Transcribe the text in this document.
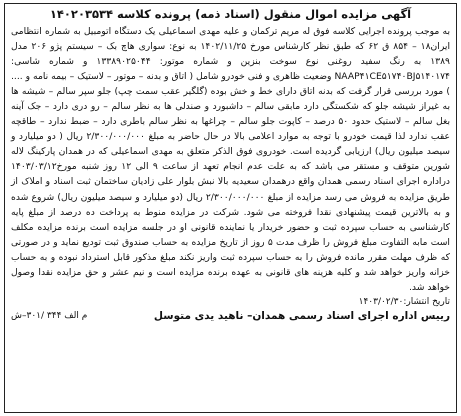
آگهی مزایده اموال منقول (اسناد ذمه) پرونده کلاسه ۱۴۰۲۰۳۵۳۴

به موجب پرونده اجرایی کلاسه فوق له مریم ترکمان و علیه مهدی اسماعیلی یک دستگاه اتومبیل به شماره انتظامی ایران۱۸ – ۸۵۴ ق ۶۲ که طبق نظر کارشناس مورخ ۱۴۰۲/۱۱/۲۵ به نوع: سواری هاچ بک – سیستم پژو ۲۰۶ مدل ۱۳۸۹ به رنگ سفید روغنی نوع سوخت بنزین و شماره موتور: ۱۳۳۸۹۰۲۵۰۴۴ و شماره شاسی: NAAP۴۱CE۵۱۷۴۰BJ۵۱۴۰۱۷۴ وضعیت ظاهری و فنی خودرو شامل ( اتاق و بدنه – موتور – لاستیک – بیمه نامه و .... ) مورد بررسی قرار گرفت که بدنه اتاق دارای خط و خش بوده (گلگیر عقب سمت چپ) جلو سپر سالم – شیشه ها به غیراز شیشه جلو که شکستگی دارد مابقی سالم – داشبورد و صندلی ها به نظر سالم – رو دری دارد – جک آینه بغل سالم – لاستیک حدود ۵۰ درصد – کاپوت جلو سالم – چراغها به نظر سالم باطری دارد – ضبط ندارد – طاقچه عقب ندارد لذا قیمت خودرو با توجه به موارد اعلامی بالا در حال حاضر به مبلغ ۲/۳۰۰/۰۰۰/۰۰۰ ریال ( دو میلیارد و سیصد میلیون ریال) ارزیابی گردیده است. خودروی فوق الذکر متعلق به مهدی اسماعیلی که در همدان پارکینگ لاله شورین متوقف و مستقر می باشد که به علت عدم انجام تعهد از ساعت ۹ الی ۱۲ روز شنبه مورخ۱۴۰۳/۰۳/۱۲ دراداره اجرای اسناد رسمی همدان واقع درهمدان سعیدیه بالا نبش بلوار علی زادیان ساختمان ثبت اسناد و املاک از طریق مزایده به فروش می رسد مزایده از مبلغ ۲/۳۰۰/۰۰۰/۰۰۰ ریال (دو میلیارد و سیصد میلیون ریال) شروع شده و به بالاترین قیمت پیشنهادی نقدا فروخته می شود. شرکت در مزایده منوط به پرداخت ده درصد از مبلغ پایه کارشناسی به حساب سپرده ثبت و حضور خریدار یا نماینده قانونی او در جلسه مزایده است برنده مزایده مکلف است مابه التفاوت مبلغ فروش را ظرف مدت ۵ روز از تاریخ مزایده به حساب صندوق ثبت تودیع نماید و در صورتی که ظرف مهلت مقرر مانده فروش را به حساب سپرده ثبت واریز نکند مبلغ مذکور قابل استرداد نبوده و به حساب خزانه واریز خواهد شد و کلیه هزینه های قانونی به عهده برنده مزایده است و نیم عشر و حق مزایده نقدا وصول خواهد شد.

تاریخ انتشار:۱۴۰۳/۰۲/۳۰
رییس اداره اجرای اسناد رسمی همدان– ناهید یدی متوسل
م الف ۳۴۴ /۳۰۱–ش
